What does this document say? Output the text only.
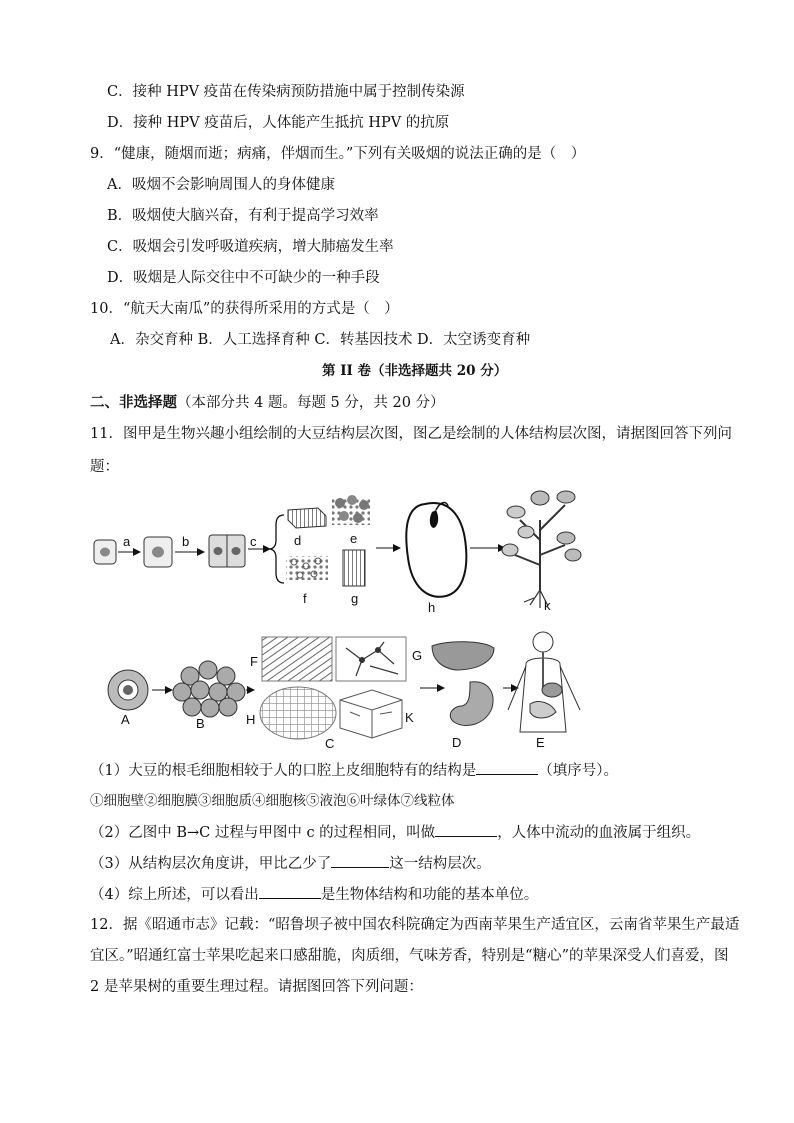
C．接种 HPV 疫苗在传染病预防措施中属于控制传染源
D．接种 HPV 疫苗后，人体能产生抵抗 HPV 的抗原
9．“健康，随烟而逝；病痛，伴烟而生。”下列有关吸烟的说法正确的是（　）
A．吸烟不会影响周围人的身体健康
B．吸烟使大脑兴奋，有利于提高学习效率
C．吸烟会引发呼吸道疾病，增大肺癌发生率
D．吸烟是人际交往中不可缺少的一种手段
10．“航天大南瓜”的获得所采用的方式是（　）
A．杂交育种 B．人工选择育种 C．转基因技术 D．太空诱变育种
第 II 卷（非选择题共 20 分）
二、非选择题（本部分共 4 题。每题 5 分，共 20 分）
11．图甲是生物兴趣小组绘制的大豆结构层次图，图乙是绘制的人体结构层次图，请据图回答下列问
题：
a	b	c	d	e
f	g
h	k
A	B
F	G
H	K
C	D	E
（1）大豆的根毛细胞相较于人的口腔上皮细胞特有的结构是	（填序号）。
①细胞壁②细胞膜③细胞质④细胞核⑤液泡⑥叶绿体⑦线粒体
（2）乙图中 B→C 过程与甲图中 c 的过程相同，叫做	，人体中流动的血液属于组织。
（3）从结构层次角度讲，甲比乙少了	这一结构层次。
（4）综上所述，可以看出	是生物体结构和功能的基本单位。
12．据《昭通市志》记载：“昭鲁坝子被中国农科院确定为西南苹果生产适宜区，云南省苹果生产最适
宜区。”昭通红富士苹果吃起来口感甜脆，肉质细，气味芳香，特别是“糖心”的苹果深受人们喜爱，图
2 是苹果树的重要生理过程。请据图回答下列问题：
